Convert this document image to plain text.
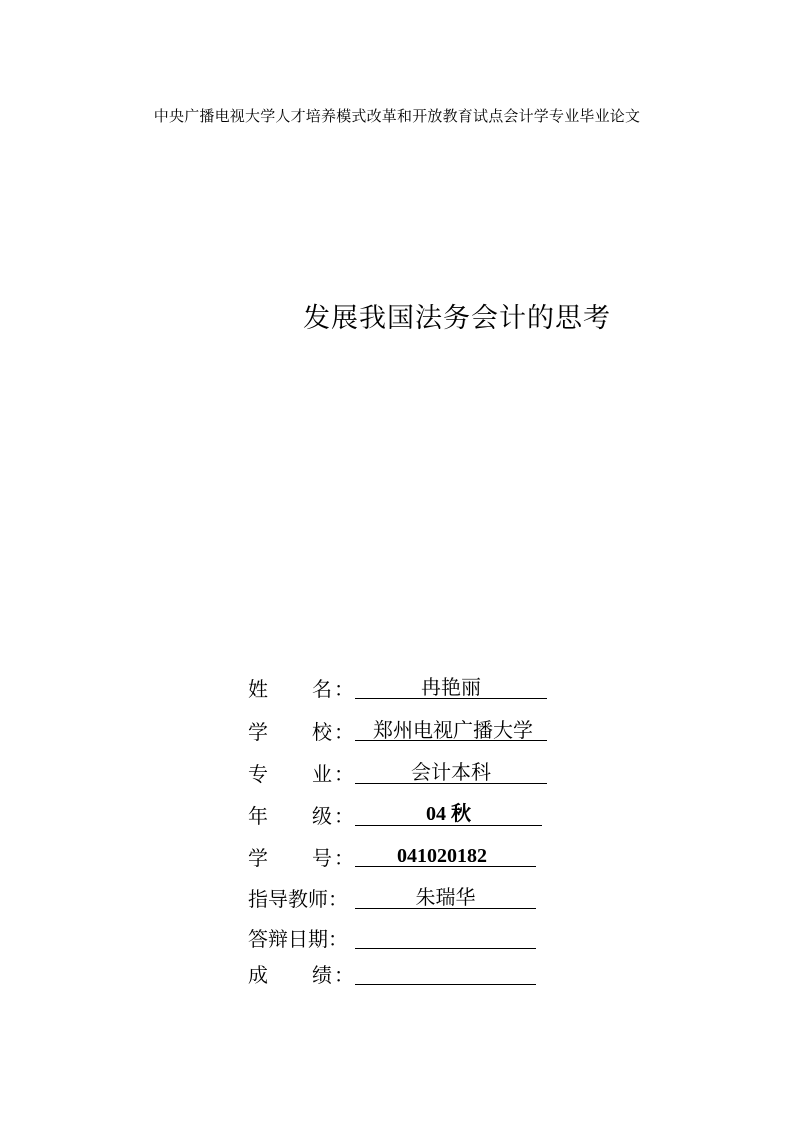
中央广播电视大学人才培养模式改革和开放教育试点会计学专业毕业论文
发展我国法务会计的思考
姓 名 ：	冉艳丽
学 校 ： 郑州电视广播大学
专 业 ：	会计本科
年 级 ：	04 秋
学 号 ：	041020182
指导教师：	朱瑞华
答辩日期：
成 绩 ：
